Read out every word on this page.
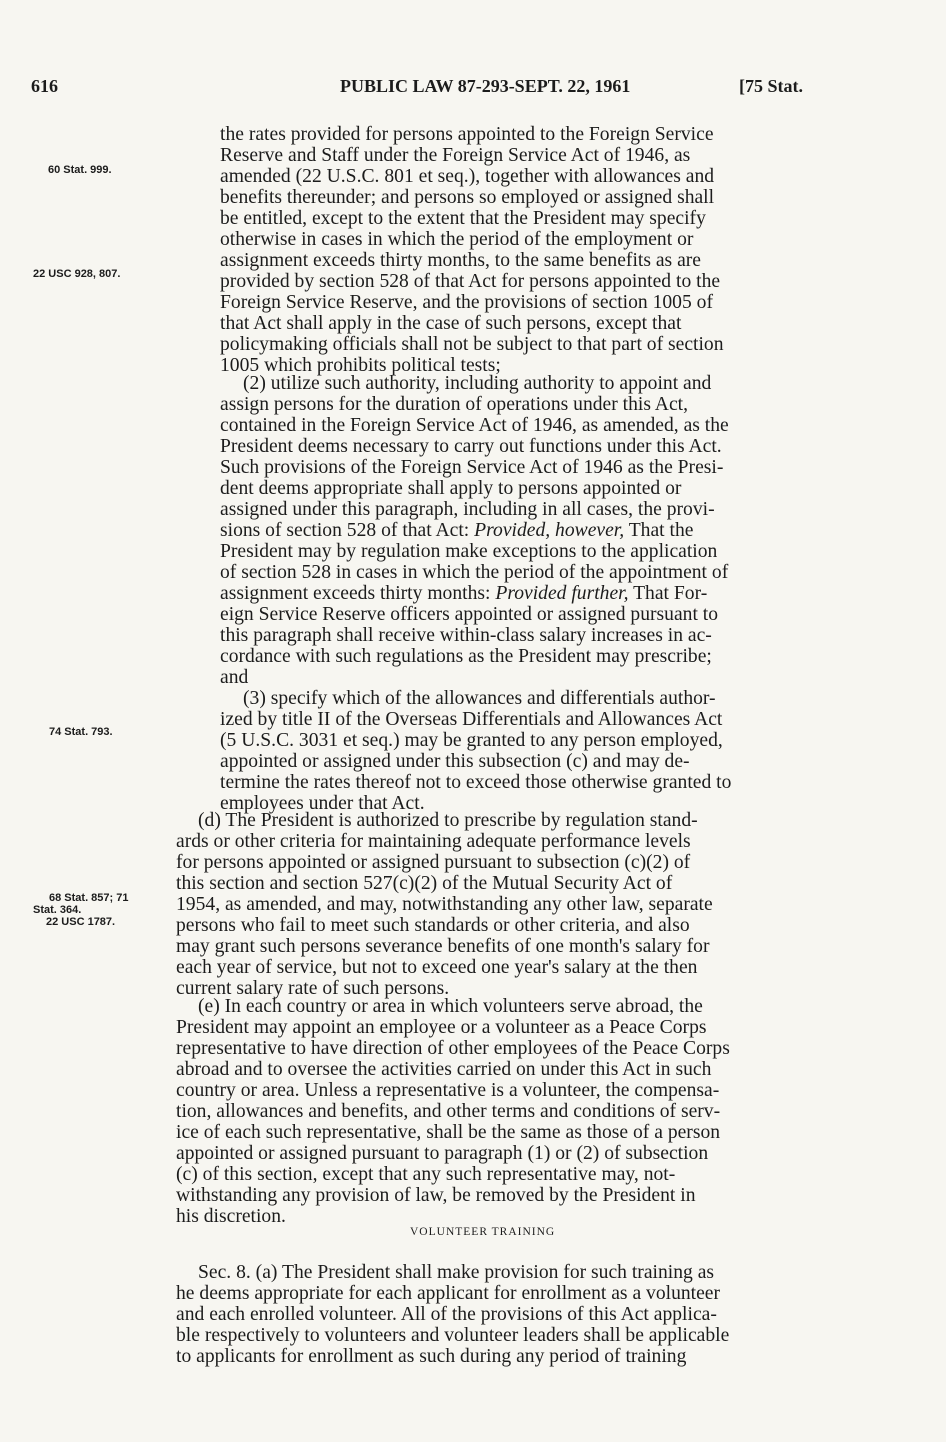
616	PUBLIC LAW 87-293-SEPT. 22, 1961	[75 Stat.
60 Stat. 999.
22 USC 928, 807.
74 Stat. 793.
68 Stat. 857; 71
Stat. 364.
22 USC 1787.
the rates provided for persons appointed to the Foreign Service
Reserve and Staff under the Foreign Service Act of 1946, as
amended (22 U.S.C. 801 et seq.), together with allowances and
benefits thereunder; and persons so employed or assigned shall
be entitled, except to the extent that the President may specify
otherwise in cases in which the period of the employment or
assignment exceeds thirty months, to the same benefits as are
provided by section 528 of that Act for persons appointed to the
Foreign Service Reserve, and the provisions of section 1005 of
that Act shall apply in the case of such persons, except that
policymaking officials shall not be subject to that part of section
1005 which prohibits political tests;
(2) utilize such authority, including authority to appoint and
assign persons for the duration of operations under this Act,
contained in the Foreign Service Act of 1946, as amended, as the
President deems necessary to carry out functions under this Act.
Such provisions of the Foreign Service Act of 1946 as the Presi-
dent deems appropriate shall apply to persons appointed or
assigned under this paragraph, including in all cases, the provi-
sions of section 528 of that Act: Provided, however, That the
President may by regulation make exceptions to the application
of section 528 in cases in which the period of the appointment of
assignment exceeds thirty months: Provided further, That For-
eign Service Reserve officers appointed or assigned pursuant to
this paragraph shall receive within-class salary increases in ac-
cordance with such regulations as the President may prescribe;
and
(3) specify which of the allowances and differentials author-
ized by title II of the Overseas Differentials and Allowances Act
(5 U.S.C. 3031 et seq.) may be granted to any person employed,
appointed or assigned under this subsection (c) and may de-
termine the rates thereof not to exceed those otherwise granted to
employees under that Act.
(d) The President is authorized to prescribe by regulation stand-
ards or other criteria for maintaining adequate performance levels
for persons appointed or assigned pursuant to subsection (c)(2) of
this section and section 527(c)(2) of the Mutual Security Act of
1954, as amended, and may, notwithstanding any other law, separate
persons who fail to meet such standards or other criteria, and also
may grant such persons severance benefits of one month's salary for
each year of service, but not to exceed one year's salary at the then
current salary rate of such persons.
(e) In each country or area in which volunteers serve abroad, the
President may appoint an employee or a volunteer as a Peace Corps
representative to have direction of other employees of the Peace Corps
abroad and to oversee the activities carried on under this Act in such
country or area. Unless a representative is a volunteer, the compensa-
tion, allowances and benefits, and other terms and conditions of serv-
ice of each such representative, shall be the same as those of a person
appointed or assigned pursuant to paragraph (1) or (2) of subsection
(c) of this section, except that any such representative may, not-
withstanding any provision of law, be removed by the President in
his discretion.
VOLUNTEER TRAINING
Sec. 8. (a) The President shall make provision for such training as
he deems appropriate for each applicant for enrollment as a volunteer
and each enrolled volunteer. All of the provisions of this Act applica-
ble respectively to volunteers and volunteer leaders shall be applicable
to applicants for enrollment as such during any period of training
